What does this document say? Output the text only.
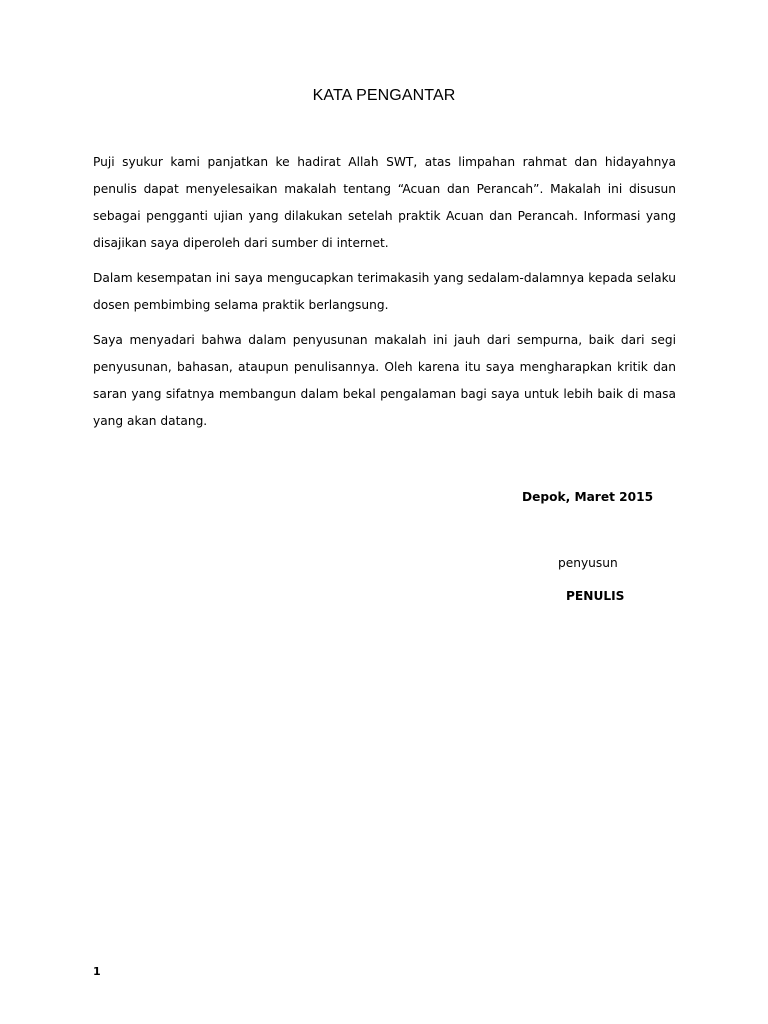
KATA PENGANTAR

Puji syukur kami panjatkan ke hadirat Allah SWT, atas limpahan rahmat dan hidayahnya penulis dapat menyelesaikan makalah tentang “Acuan dan Perancah”. Makalah ini disusun sebagai pengganti ujian yang dilakukan setelah praktik Acuan dan Perancah. Informasi yang disajikan saya diperoleh dari sumber di internet.

Dalam kesempatan ini saya mengucapkan terimakasih yang sedalam-dalamnya kepada selaku dosen pembimbing selama praktik berlangsung.

Saya menyadari bahwa dalam penyusunan makalah ini jauh dari sempurna, baik dari segi penyusunan, bahasan, ataupun penulisannya. Oleh karena itu saya mengharapkan kritik dan saran yang sifatnya membangun dalam bekal pengalaman bagi saya untuk lebih baik di masa yang akan datang.

Depok, Maret 2015
penyusun
PENULIS
1
